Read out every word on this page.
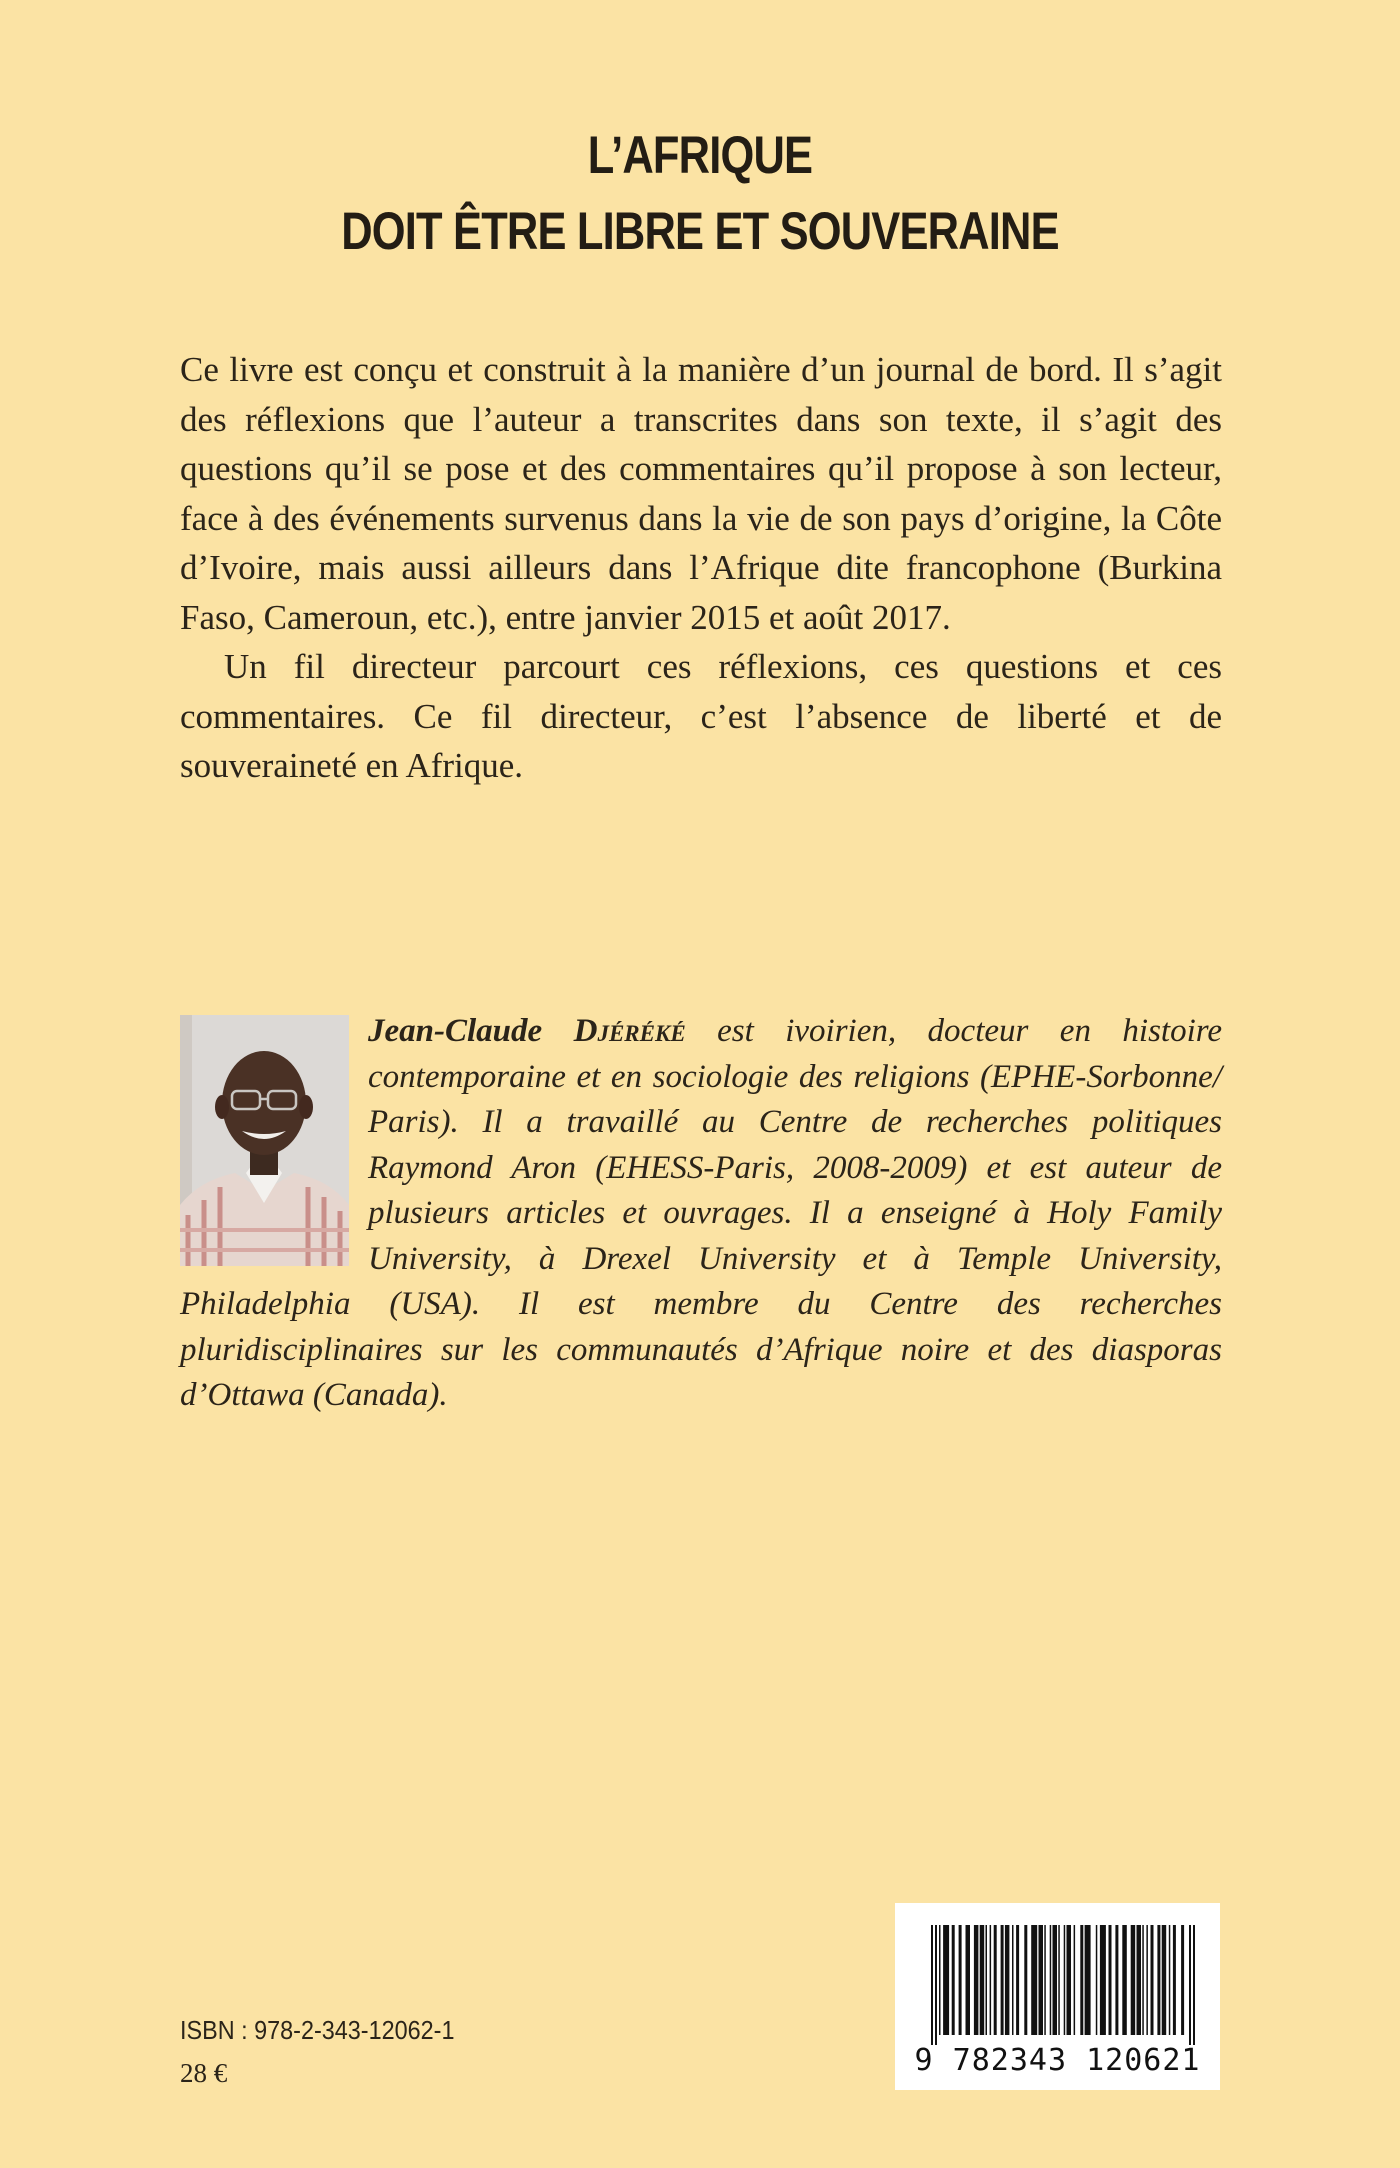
L’AFRIQUE
DOIT ÊTRE LIBRE ET SOUVERAINE

Ce livre est conçu et construit à la manière d’un journal de bord. Il s’agit des réflexions que l’auteur a transcrites dans son texte, il s’agit des questions qu’il se pose et des commentaires qu’il propose à son lecteur, face à des événements survenus dans la vie de son pays d’origine, la Côte d’Ivoire, mais aussi ailleurs dans l’Afrique dite francophone (Burkina Faso, Cameroun, etc.), entre janvier 2015 et août 2017.

Un fil directeur parcourt ces réflexions, ces questions et ces commentaires. Ce fil directeur, c’est l’absence de liberté et de souveraineté en Afrique.

Jean-Claude Djéréké est ivoirien, docteur en histoire contemporaine et en sociologie des religions (EPHE-Sorbonne/ Paris). Il a travaillé au Centre de recherches politiques Raymond Aron (EHESS-Paris, 2008-2009) et est auteur de plusieurs articles et ouvrages. Il a enseigné à Holy Family University, à Drexel University et à Temple University, Philadelphia (USA). Il est membre du Centre des recherches pluridisciplinaires sur les communautés d’Afrique noire et des diasporas d’Ottawa (Canada).
ISBN : 978-2-343-12062-1
28 €	9 782343 120621
